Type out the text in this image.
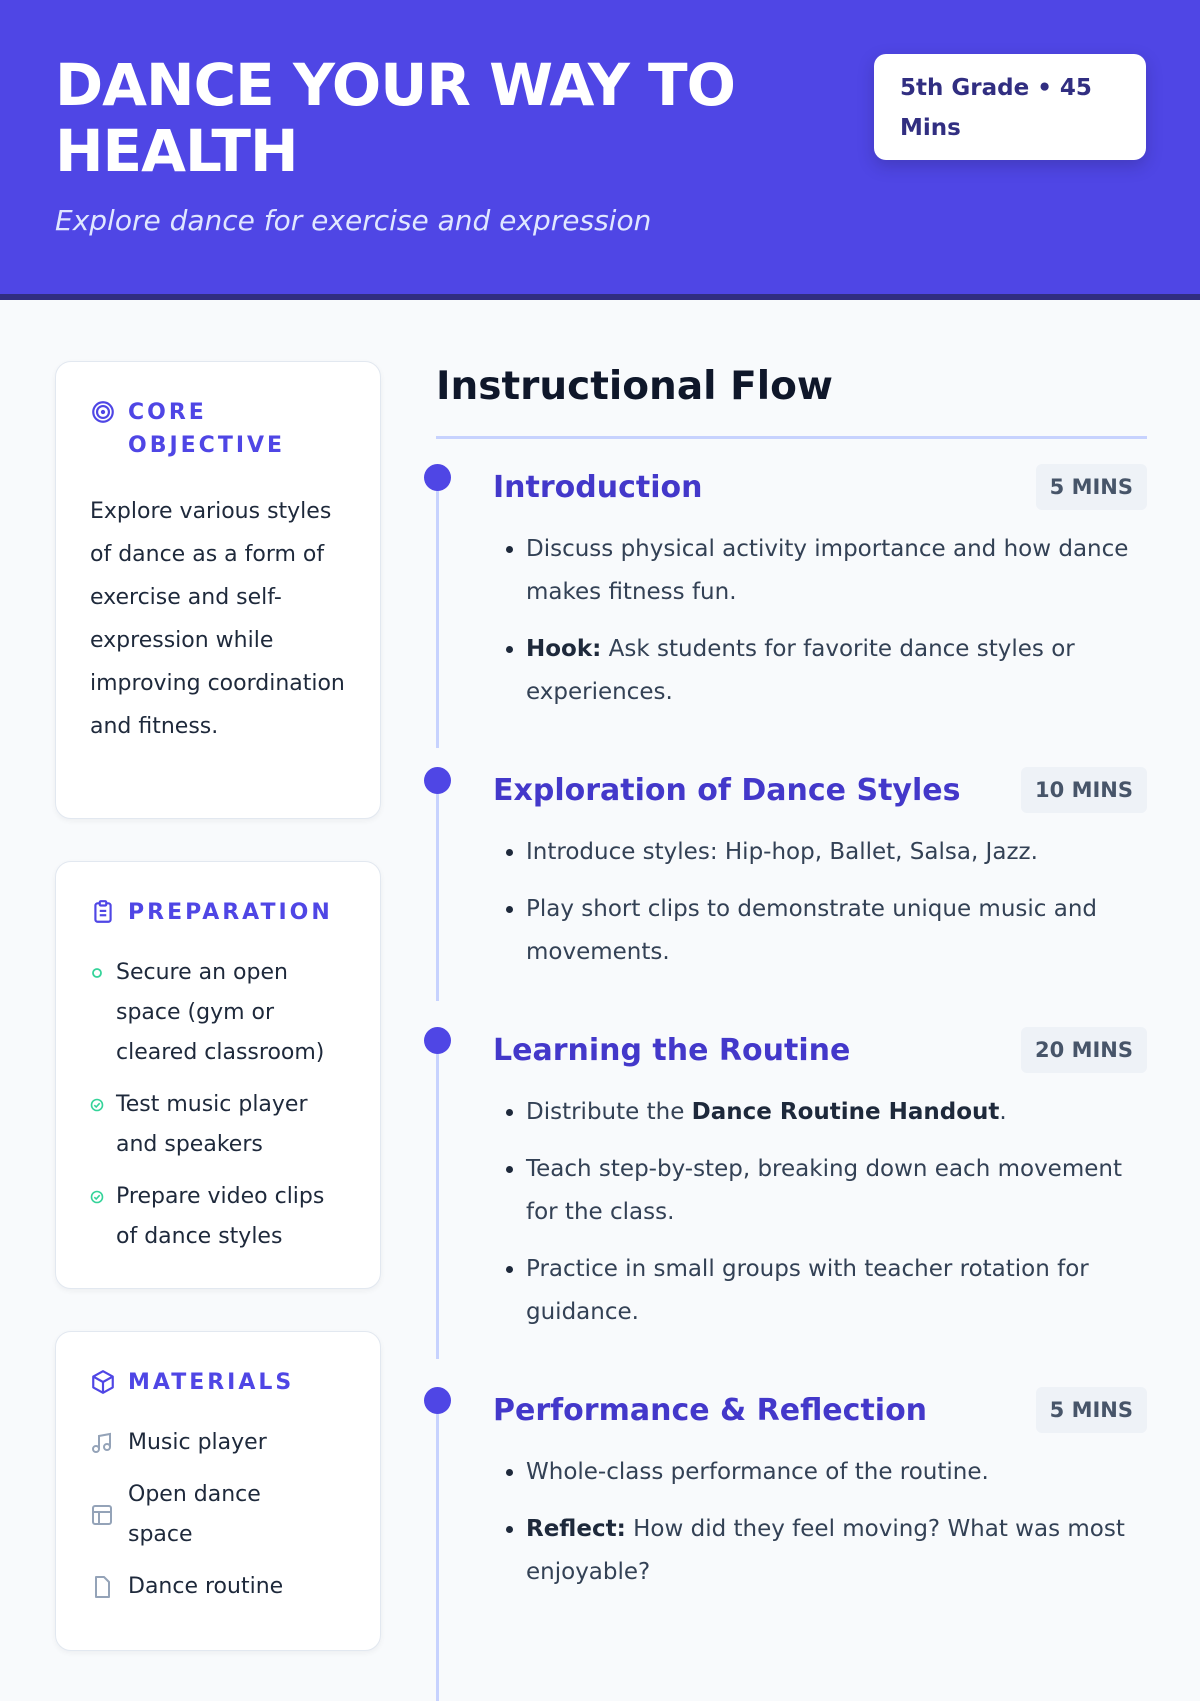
DANCE YOUR WAY TO HEALTH

Explore dance for exercise and expression

5th Grade • 45 Mins
CORE OBJECTIVE
Explore various styles of dance as a form of exercise and self-expression while improving coordination and fitness.
PREPARATION
Secure an open space (gym or cleared classroom)
Test music player and speakers
Prepare video clips of dance styles
MATERIALS
Music player
Open dance space
Dance routine
Instructional Flow
Introduction	5 MINS
• Discuss physical activity importance and how dance makes fitness fun.
• Hook: Ask students for favorite dance styles or experiences.
Exploration of Dance Styles	10 MINS
• Introduce styles: Hip-hop, Ballet, Salsa, Jazz.
• Play short clips to demonstrate unique music and movements.
Learning the Routine	20 MINS
• Distribute the Dance Routine Handout.
• Teach step-by-step, breaking down each movement for the class.
• Practice in small groups with teacher rotation for guidance.
Performance & Reflection	5 MINS
• Whole-class performance of the routine.
• Reflect: How did they feel moving? What was most enjoyable?
